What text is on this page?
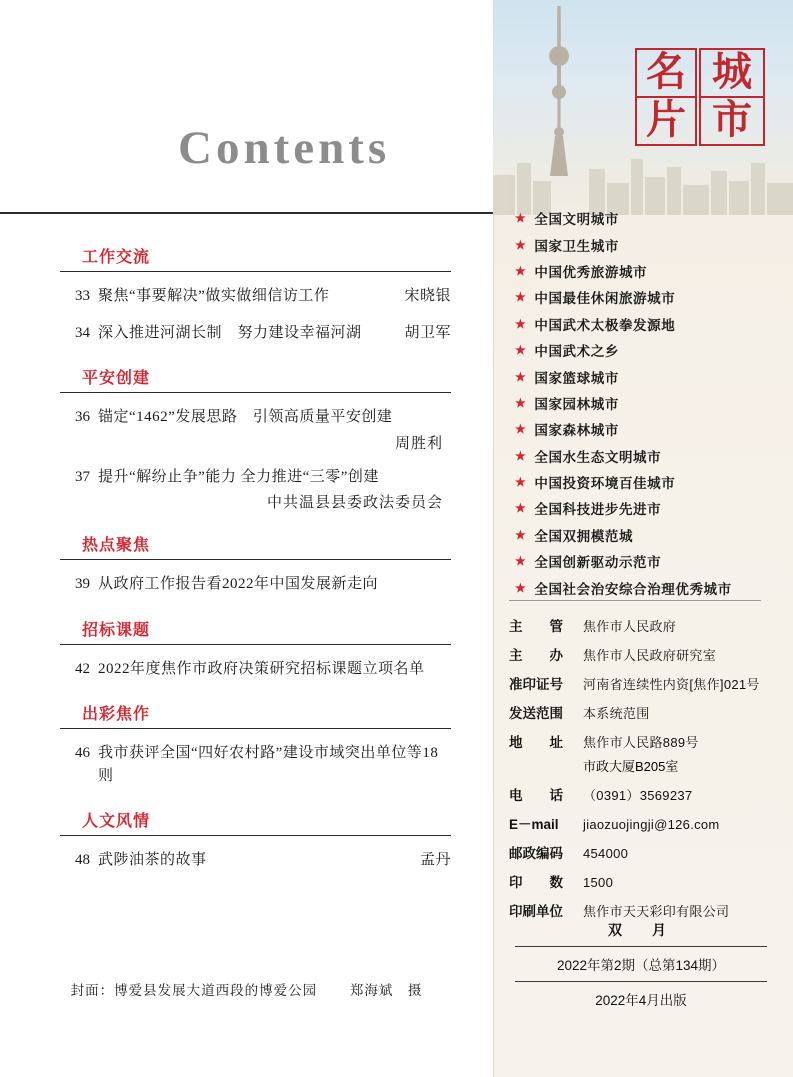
Contents
工作交流
33 聚焦“事要解决”做实做细信访工作	宋晓银
34 深入推进河湖长制　努力建设幸福河湖	胡卫军
平安创建
36 锚定“1462”发展思路　引领高质量平安创建
周胜利
37 提升“解纷止争”能力 全力推进“三零”创建
中共温县县委政法委员会
热点聚焦
39 从政府工作报告看2022年中国发展新走向
招标课题
42 2022年度焦作市政府决策研究招标课题立项名单
出彩焦作
46 我市获评全国“四好农村路”建设市域突出单位等18则
人文风情
48 武陟油茶的故事	孟丹
封面：博爱县发展大道西段的博爱公园 郑海斌　摄
名 城
片 市
★ 全国文明城市
★ 国家卫生城市
★ 中国优秀旅游城市
★ 中国最佳休闲旅游城市
★ 中国武术太极拳发源地
★ 中国武术之乡
★ 国家篮球城市
★ 国家园林城市
★ 国家森林城市
★ 全国水生态文明城市
★ 中国投资环境百佳城市
★ 全国科技进步先进市
★ 全国双拥模范城
★ 全国创新驱动示范市
★ 全国社会治安综合治理优秀城市
主　　管	焦作市人民政府
主　　办	焦作市人民政府研究室
准印证号	河南省连续性内资[焦作]021号
发送范围	本系统范围
地　　址	焦作市人民路889号
市政大厦B205室
电　　话	（0391）3569237
E－mail	jiaozuojingji@126.com
邮政编码	454000
印　　数	1500
印刷单位	焦作市天天彩印有限公司
双　月
2022年第2期（总第134期）
2022年4月出版
